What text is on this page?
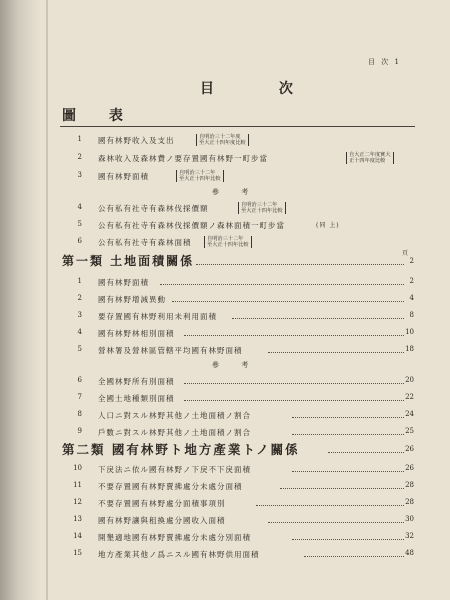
目 次 1
目 次
圖 表
1 國有林野收入及支出	自明治三十二年度
至大正十四年度比較
2 森林收入及森林費ノ要存置國有林野一町步當	自大正二年度實大
正十四年度比較
3 國有林野面積	自明治三十二年
至大正十四年比較
參 考
4 公有私有社寺有森林伐採價額	自明治三十二年
至大正十四年比較
5 公有私有社寺有森林伐採價額ノ森林面積一町步當	(同 上)
6 公有私有社寺有森林面積	自明治三十二年
至大正十四年比較
頁
第一類 土地面積關係	2
1 國有林野面積	2
2 國有林野增減異動	4
3 要存置國有林野利用未利用面積	8
4 國有林野林相別面積	10
5 營林署及營林區管轄平均國有林野面積	18
參 考
6 全國林野所有別面積	20
7 全國土地種類別面積	22
8 人口ニ對スル林野其他ノ土地面積ノ割合	24
9 戶數ニ對スル林野其他ノ土地面積ノ割合	25
第二類 國有林野ト地方產業トノ關係	26
10 下戾法ニ依ル國有林野ノ下戾不下戾面積	26
11 不要存置國有林野賣拂處分未處分面積	28
12 不要存置國有林野處分面積事項別	28
13 國有林野讓與租換處分國收入面積	30
14 開墾適地國有林野賣拂處分未處分別面積	32
15 地方產業其他ノ爲ニスル國有林野供用面積	48
